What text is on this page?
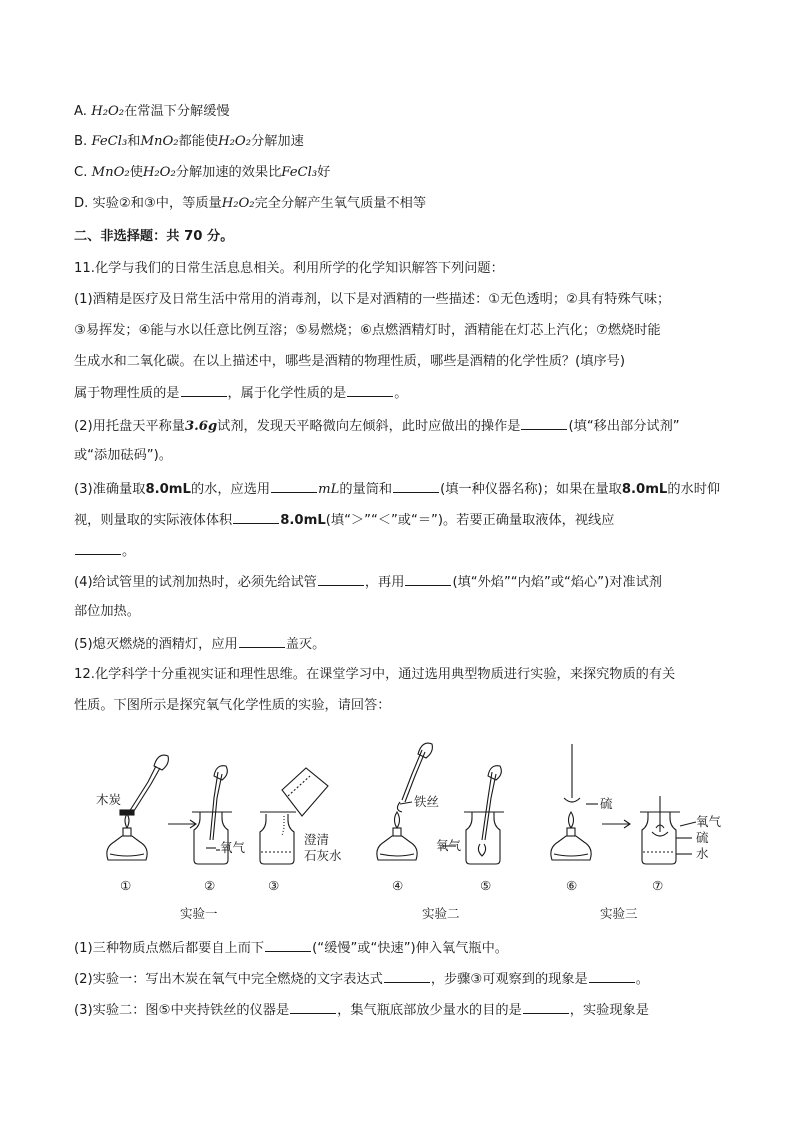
A. H₂O₂在常温下分解缓慢
B. FeCl₃和MnO₂都能使H₂O₂分解加速
C. MnO₂使H₂O₂分解加速的效果比FeCl₃好
D. 实验②和③中，等质量H₂O₂完全分解产生氧气质量不相等
二、非选择题：共 70 分。
11.化学与我们的日常生活息息相关。利用所学的化学知识解答下列问题：
(1)酒精是医疗及日常生活中常用的消毒剂，以下是对酒精的一些描述：①无色透明；②具有特殊气味；
③易挥发；④能与水以任意比例互溶；⑤易燃烧；⑥点燃酒精灯时，酒精能在灯芯上汽化；⑦燃烧时能
生成水和二氧化碳。在以上描述中，哪些是酒精的物理性质，哪些是酒精的化学性质？(填序号)
属于物理性质的是	，属于化学性质的是	。
(2)用托盘天平称量3.6g试剂，发现天平略微向左倾斜，此时应做出的操作是	(填“移出部分试剂”
或“添加砝码”)。
(3)准确量取8.0mL的水，应选用	mL的量筒和	(填一种仪器名称)；如果在量取8.0mL的水时仰
视，则量取的实际液体体积	8.0mL(填“＞”“＜”或“＝”)。若要正确量取液体，视线应
。
(4)给试管里的试剂加热时，必须先给试管	，再用	(填“外焰”“内焰”或“焰心”)对准试剂
部位加热。
(5)熄灭燃烧的酒精灯，应用	盖灭。
12.化学科学十分重视实证和理性思维。在课堂学习中，通过选用典型物质进行实验，来探究物质的有关
性质。下图所示是探究氧气化学性质的实验，请回答：
木炭
氧气
澄清
石灰水
铁丝
氧气
硫
氧气
硫
水
①	②	③	④	⑤	⑥	⑦
实验一	实验二	实验三
(1)三种物质点燃后都要自上而下	(“缓慢”或“快速”)伸入氧气瓶中。
(2)实验一：写出木炭在氧气中完全燃烧的文字表达式	，步骤③可观察到的现象是	。
(3)实验二：图⑤中夹持铁丝的仪器是	，集气瓶底部放少量水的目的是	，实验现象是
